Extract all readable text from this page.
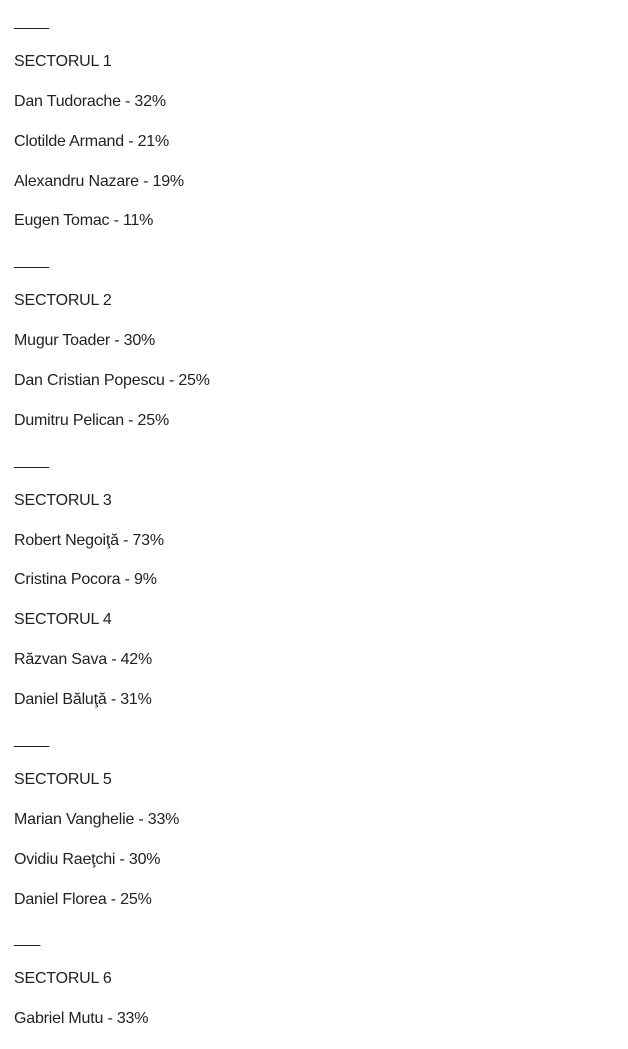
____
SECTORUL 1
Dan Tudorache - 32%
Clotilde Armand - 21%
Alexandru Nazare - 19%
Eugen Tomac - 11%
____
SECTORUL 2
Mugur Toader - 30%
Dan Cristian Popescu - 25%
Dumitru Pelican - 25%
____
SECTORUL 3
Robert Negoiţă - 73%
Cristina Pocora - 9%
SECTORUL 4
Răzvan Sava - 42%
Daniel Băluţă - 31%
____
SECTORUL 5
Marian Vanghelie - 33%
Ovidiu Raeţchi - 30%
Daniel Florea - 25%
___
SECTORUL 6
Gabriel Mutu - 33%
